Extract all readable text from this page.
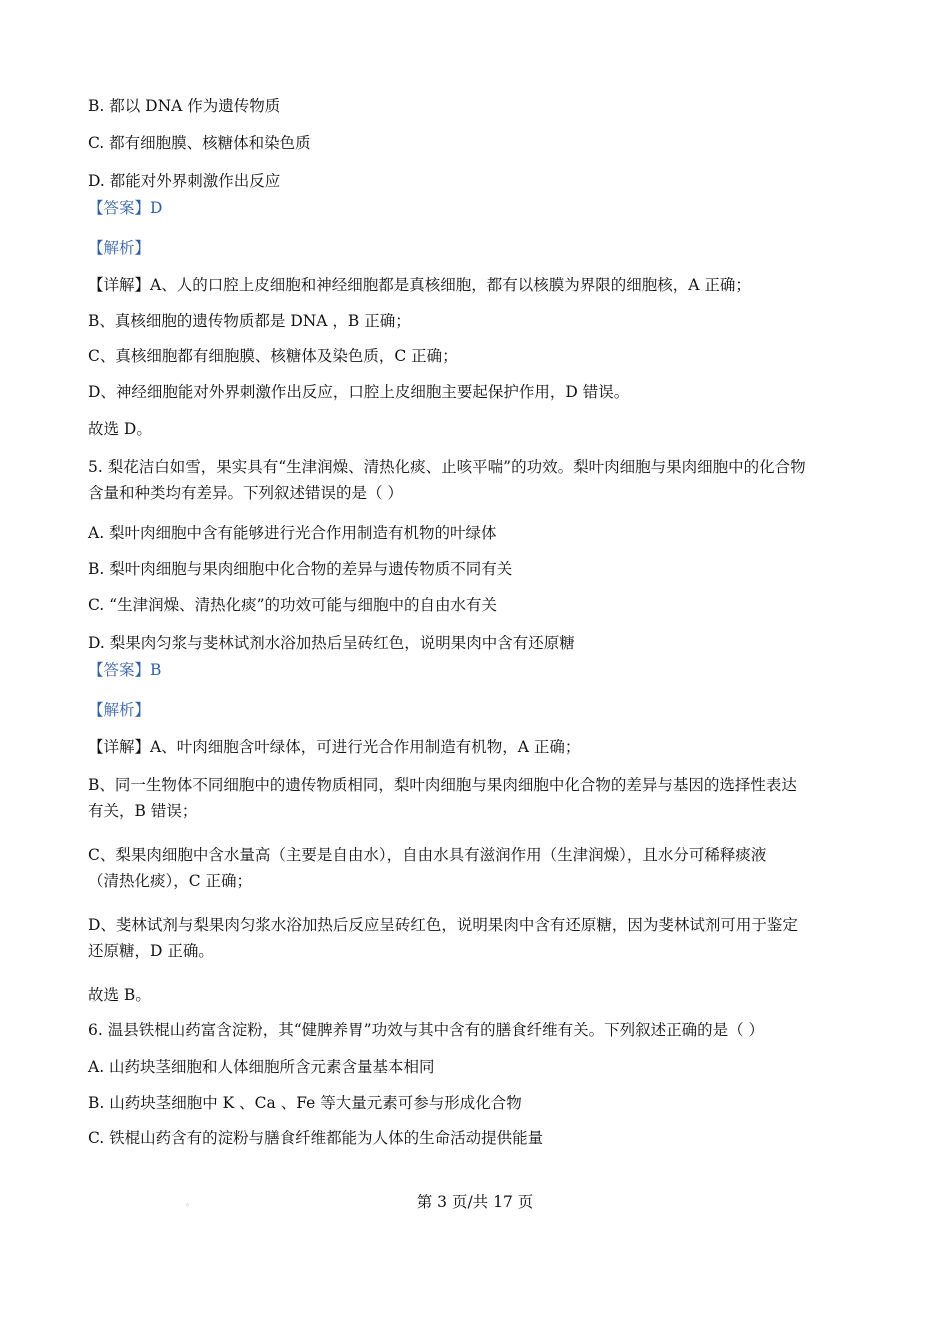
B. 都以 DNA 作为遗传物质
C. 都有细胞膜、核糖体和染色质
D. 都能对外界刺激作出反应
【答案】D
【解析】
【详解】A、人的口腔上皮细胞和神经细胞都是真核细胞，都有以核膜为界限的细胞核，A 正确；
B、真核细胞的遗传物质都是 DNA ，B 正确；
C、真核细胞都有细胞膜、核糖体及染色质，C 正确；
D、神经细胞能对外界刺激作出反应，口腔上皮细胞主要起保护作用，D 错误。
故选 D。
5. 梨花洁白如雪，果实具有“生津润燥、清热化痰、止咳平喘”的功效。梨叶肉细胞与果肉细胞中的化合物
含量和种类均有差异。下列叙述错误的是（ ）
A. 梨叶肉细胞中含有能够进行光合作用制造有机物的叶绿体
B. 梨叶肉细胞与果肉细胞中化合物的差异与遗传物质不同有关
C. “生津润燥、清热化痰”的功效可能与细胞中的自由水有关
D. 梨果肉匀浆与斐林试剂水浴加热后呈砖红色，说明果肉中含有还原糖
【答案】B
【解析】
【详解】A、叶肉细胞含叶绿体，可进行光合作用制造有机物，A 正确；
B、同一生物体不同细胞中的遗传物质相同，梨叶肉细胞与果肉细胞中化合物的差异与基因的选择性表达
有关，B 错误；
C、梨果肉细胞中含水量高（主要是自由水），自由水具有滋润作用（生津润燥），且水分可稀释痰液
（清热化痰），C 正确；
D、斐林试剂与梨果肉匀浆水浴加热后反应呈砖红色，说明果肉中含有还原糖，因为斐林试剂可用于鉴定
还原糖，D 正确。
故选 B。
6. 温县铁棍山药富含淀粉，其“健脾养胃”功效与其中含有的膳食纤维有关。下列叙述正确的是（ ）
A. 山药块茎细胞和人体细胞所含元素含量基本相同
B. 山药块茎细胞中 K 、Ca 、Fe 等大量元素可参与形成化合物
C. 铁棍山药含有的淀粉与膳食纤维都能为人体的生命活动提供能量
。	第 3 页/共 17 页
